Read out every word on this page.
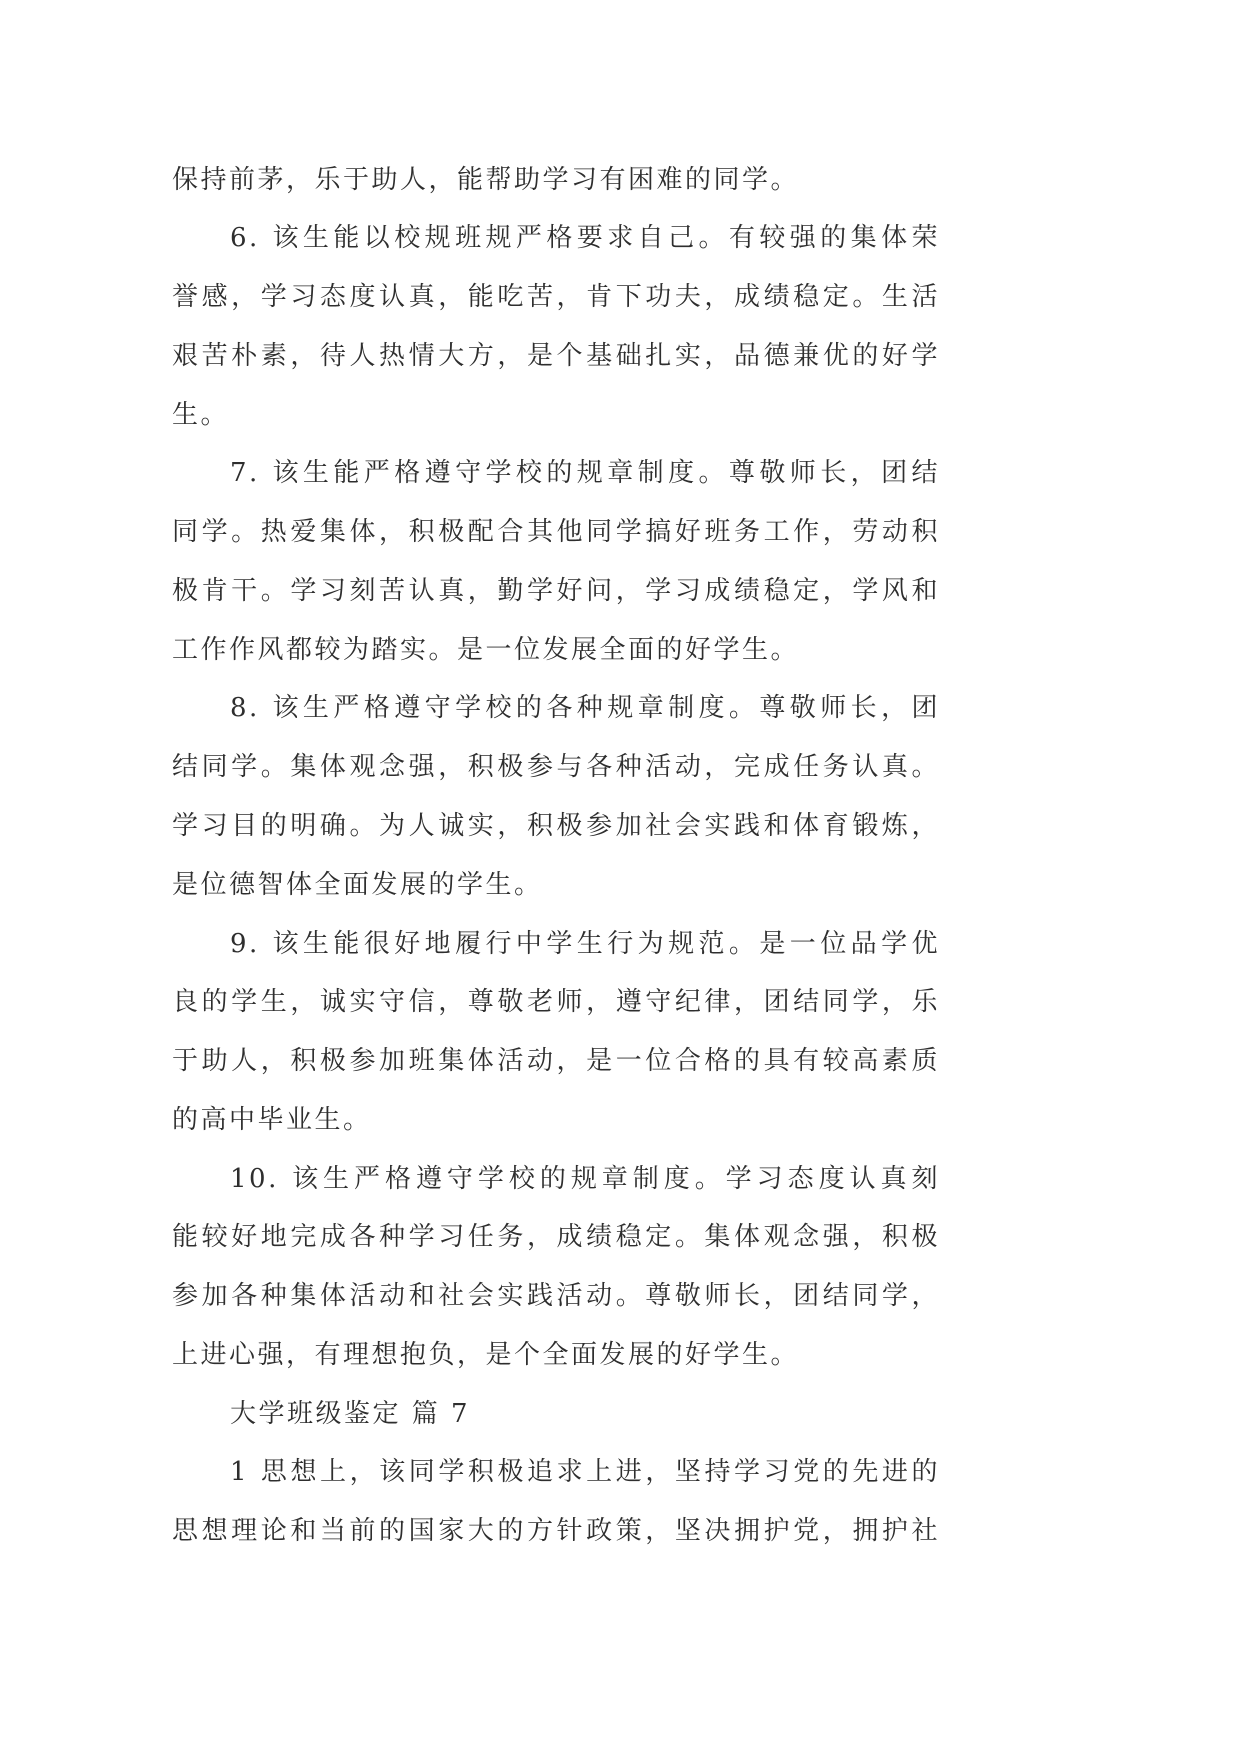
保持前茅，乐于助人，能帮助学习有困难的同学。
6. 该生能以校规班规严格要求自己。有较强的集体荣
誉感，学习态度认真，能吃苦，肯下功夫，成绩稳定。生活
艰苦朴素，待人热情大方，是个基础扎实，品德兼优的好学
生。
7. 该生能严格遵守学校的规章制度。尊敬师长，团结
同学。热爱集体，积极配合其他同学搞好班务工作，劳动积
极肯干。学习刻苦认真，勤学好问，学习成绩稳定，学风和
工作作风都较为踏实。是一位发展全面的好学生。
8. 该生严格遵守学校的各种规章制度。尊敬师长，团
结同学。集体观念强，积极参与各种活动，完成任务认真。
学习目的明确。为人诚实，积极参加社会实践和体育锻炼，
是位德智体全面发展的学生。
9. 该生能很好地履行中学生行为规范。是一位品学优
良的学生，诚实守信，尊敬老师，遵守纪律，团结同学，乐
于助人，积极参加班集体活动，是一位合格的具有较高素质
的高中毕业生。
10. 该生严格遵守学校的规章制度。学习态度认真刻
能较好地完成各种学习任务，成绩稳定。集体观念强，积极
参加各种集体活动和社会实践活动。尊敬师长，团结同学，
上进心强，有理想抱负，是个全面发展的好学生。
大学班级鉴定 篇 7
1 思想上，该同学积极追求上进，坚持学习党的先进的
思想理论和当前的国家大的方针政策，坚决拥护党，拥护社
